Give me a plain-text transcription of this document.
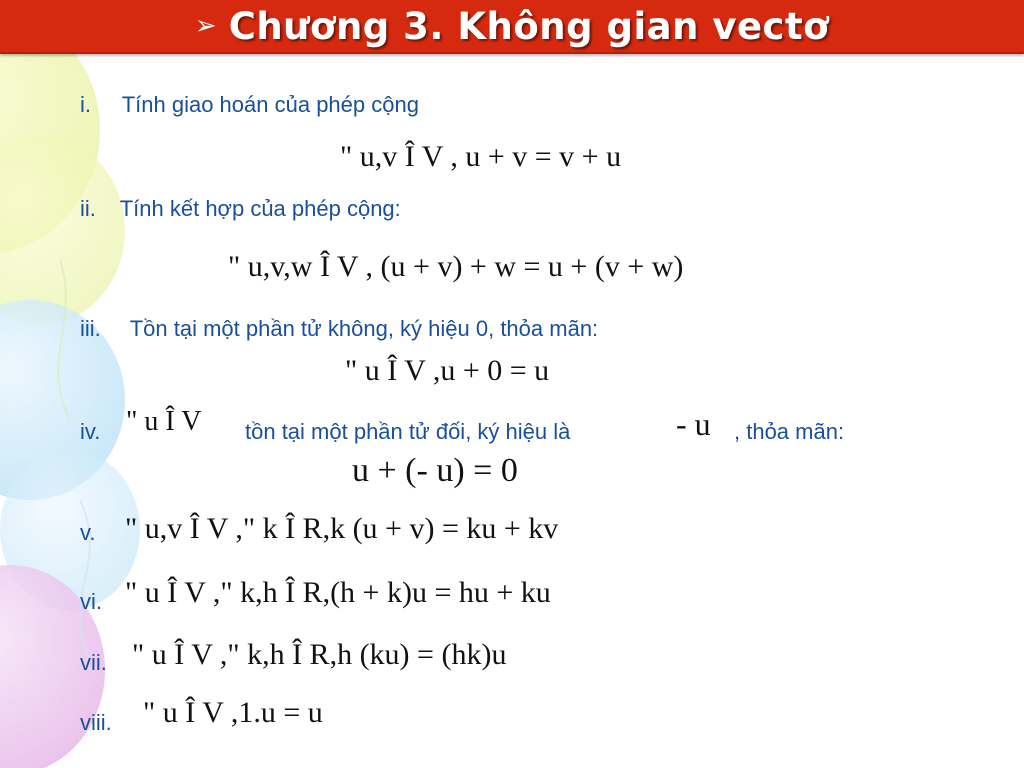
➢ Chương 3. Không gian vectơ
i. Tính giao hoán của phép cộng
" u,v Î V , u + v = v + u
ii. Tính kết hợp của phép cộng:
" u,v,w Î V , (u + v) + w = u + (v + w)
iii. Tồn tại một phần tử không, ký hiệu 0, thỏa mãn:
" u Î V ,u + 0 = u
iv. " u Î V tồn tại một phần tử đối, ký hiệu là	- u , thỏa mãn:
u + (- u) = 0
v. " u,v Î V ," k Î R,k (u + v) = ku + kv
vi. " u Î V ," k,h Î R,(h + k)u = hu + ku
vii. " u Î V ," k,h Î R,h (ku) = (hk)u
viii. " u Î V ,1.u = u
